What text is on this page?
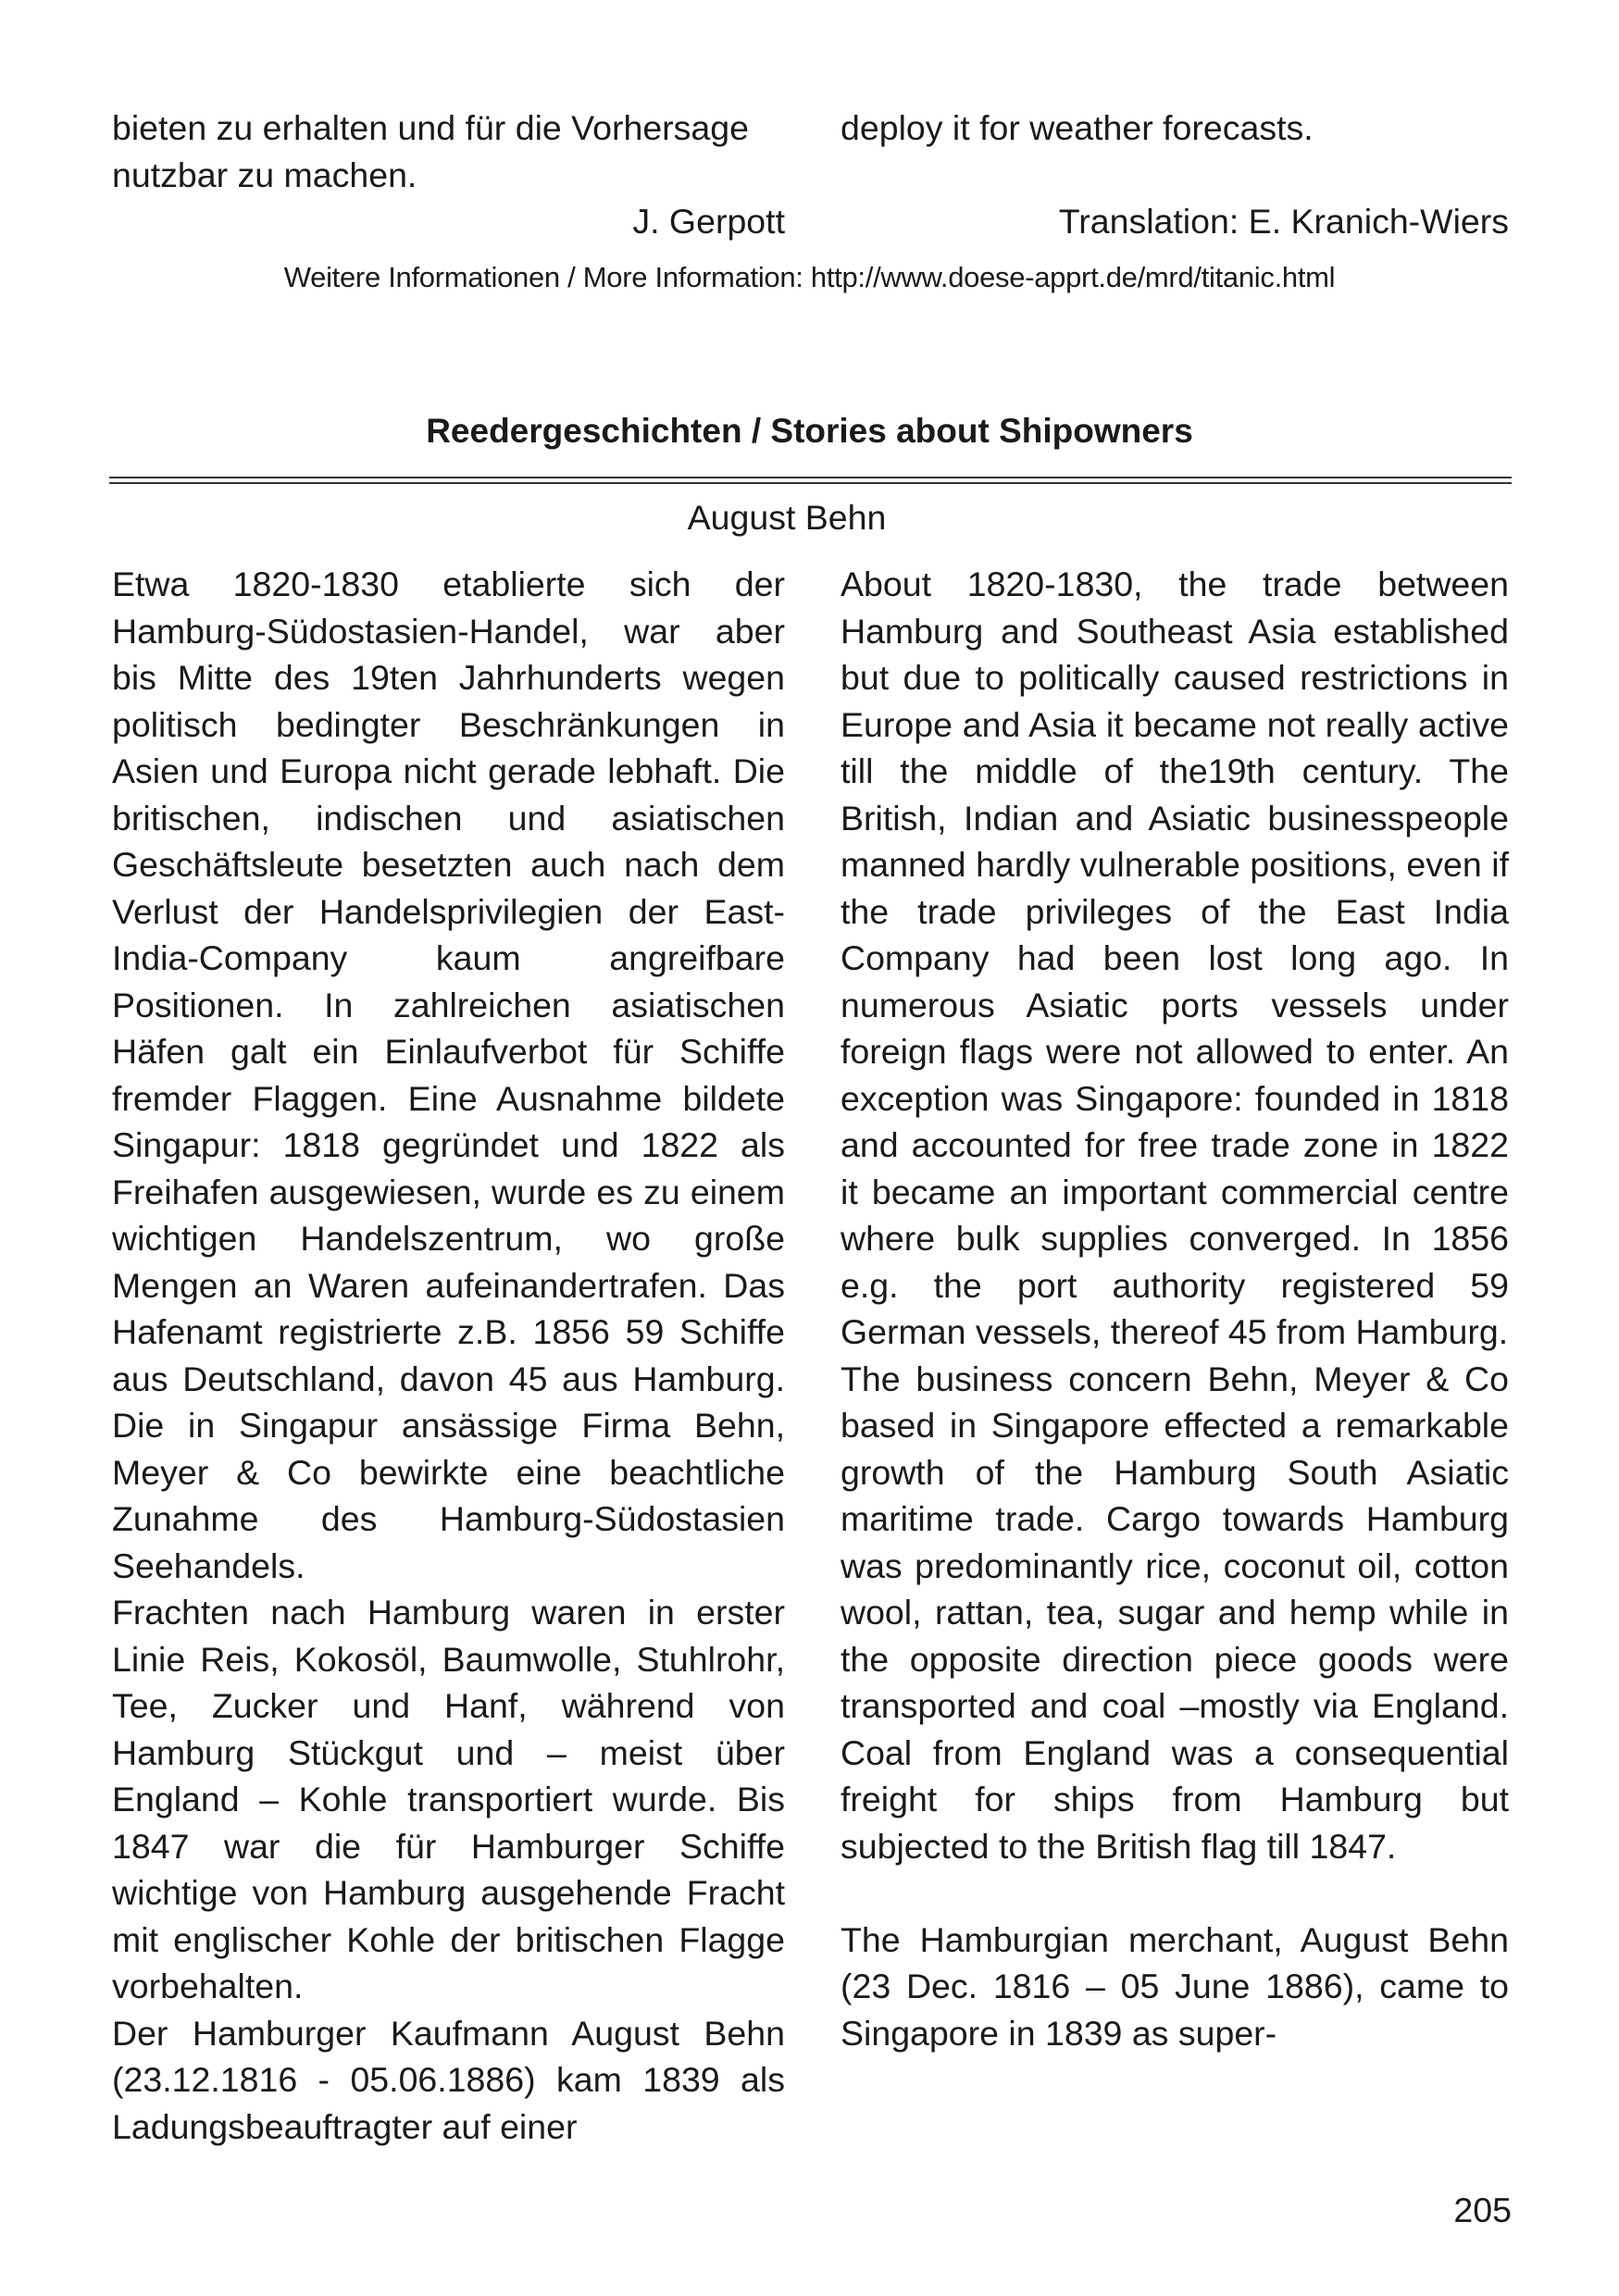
bieten zu erhalten und für die Vorhersage nutzbar zu machen.

J. Gerpott
deploy it for weather forecasts.
Translation: E. Kranich-Wiers
Weitere Informationen / More Information: http://www.doese-apprt.de/mrd/titanic.html
Reedergeschichten / Stories about Shipowners
August Behn

Etwa 1820-1830 etablierte sich der Hamburg-Südostasien-Handel, war aber bis Mitte des 19ten Jahrhunderts wegen politisch bedingter Beschränkungen in Asien und Europa nicht gerade lebhaft. Die britischen, indischen und asiatischen Geschäftsleute besetzten auch nach dem Verlust der Handelsprivilegien der East-India-Company kaum angreifbare Positionen. In zahlreichen asiatischen Häfen galt ein Einlaufverbot für Schiffe fremder Flaggen. Eine Ausnahme bildete Singapur: 1818 gegründet und 1822 als Freihafen ausgewiesen, wurde es zu einem wichtigen Handelszentrum, wo große Mengen an Waren aufeinandertrafen. Das Hafenamt registrierte z.B. 1856 59 Schiffe aus Deutschland, davon 45 aus Hamburg. Die in Singapur ansässige Firma Behn, Meyer & Co bewirkte eine beachtliche Zunahme des Hamburg-Südostasien Seehandels.

Frachten nach Hamburg waren in erster Linie Reis, Kokosöl, Baumwolle, Stuhlrohr, Tee, Zucker und Hanf, während von Hamburg Stückgut und – meist über England – Kohle transportiert wurde. Bis 1847 war die für Hamburger Schiffe wichtige von Hamburg ausgehende Fracht mit englischer Kohle der britischen Flagge vorbehalten.

Der Hamburger Kaufmann August Behn (23.12.1816 - 05.06.1886) kam 1839 als Ladungsbeauftragter auf einer

About 1820-1830, the trade between Hamburg and Southeast Asia established but due to politically caused restrictions in Europe and Asia it became not really active till the middle of the19th century. The British, Indian and Asiatic businesspeople manned hardly vulnerable positions, even if the trade privileges of the East India Company had been lost long ago. In numerous Asiatic ports vessels under foreign flags were not allowed to enter. An exception was Singapore: founded in 1818 and accounted for free trade zone in 1822 it became an important commercial centre where bulk supplies converged. In 1856 e.g. the port authority registered 59 German vessels, thereof 45 from Hamburg.

The business concern Behn, Meyer & Co based in Singapore effected a remarkable growth of the Hamburg South Asiatic maritime trade. Cargo towards Hamburg was predominantly rice, coconut oil, cotton wool, rattan, tea, sugar and hemp while in the opposite direction piece goods were transported and coal –mostly via England. Coal from England was a consequential freight for ships from Hamburg but subjected to the British flag till 1847.

The Hamburgian merchant, August Behn (23 Dec. 1816 – 05 June 1886), came to Singapore in 1839 as super-

205
